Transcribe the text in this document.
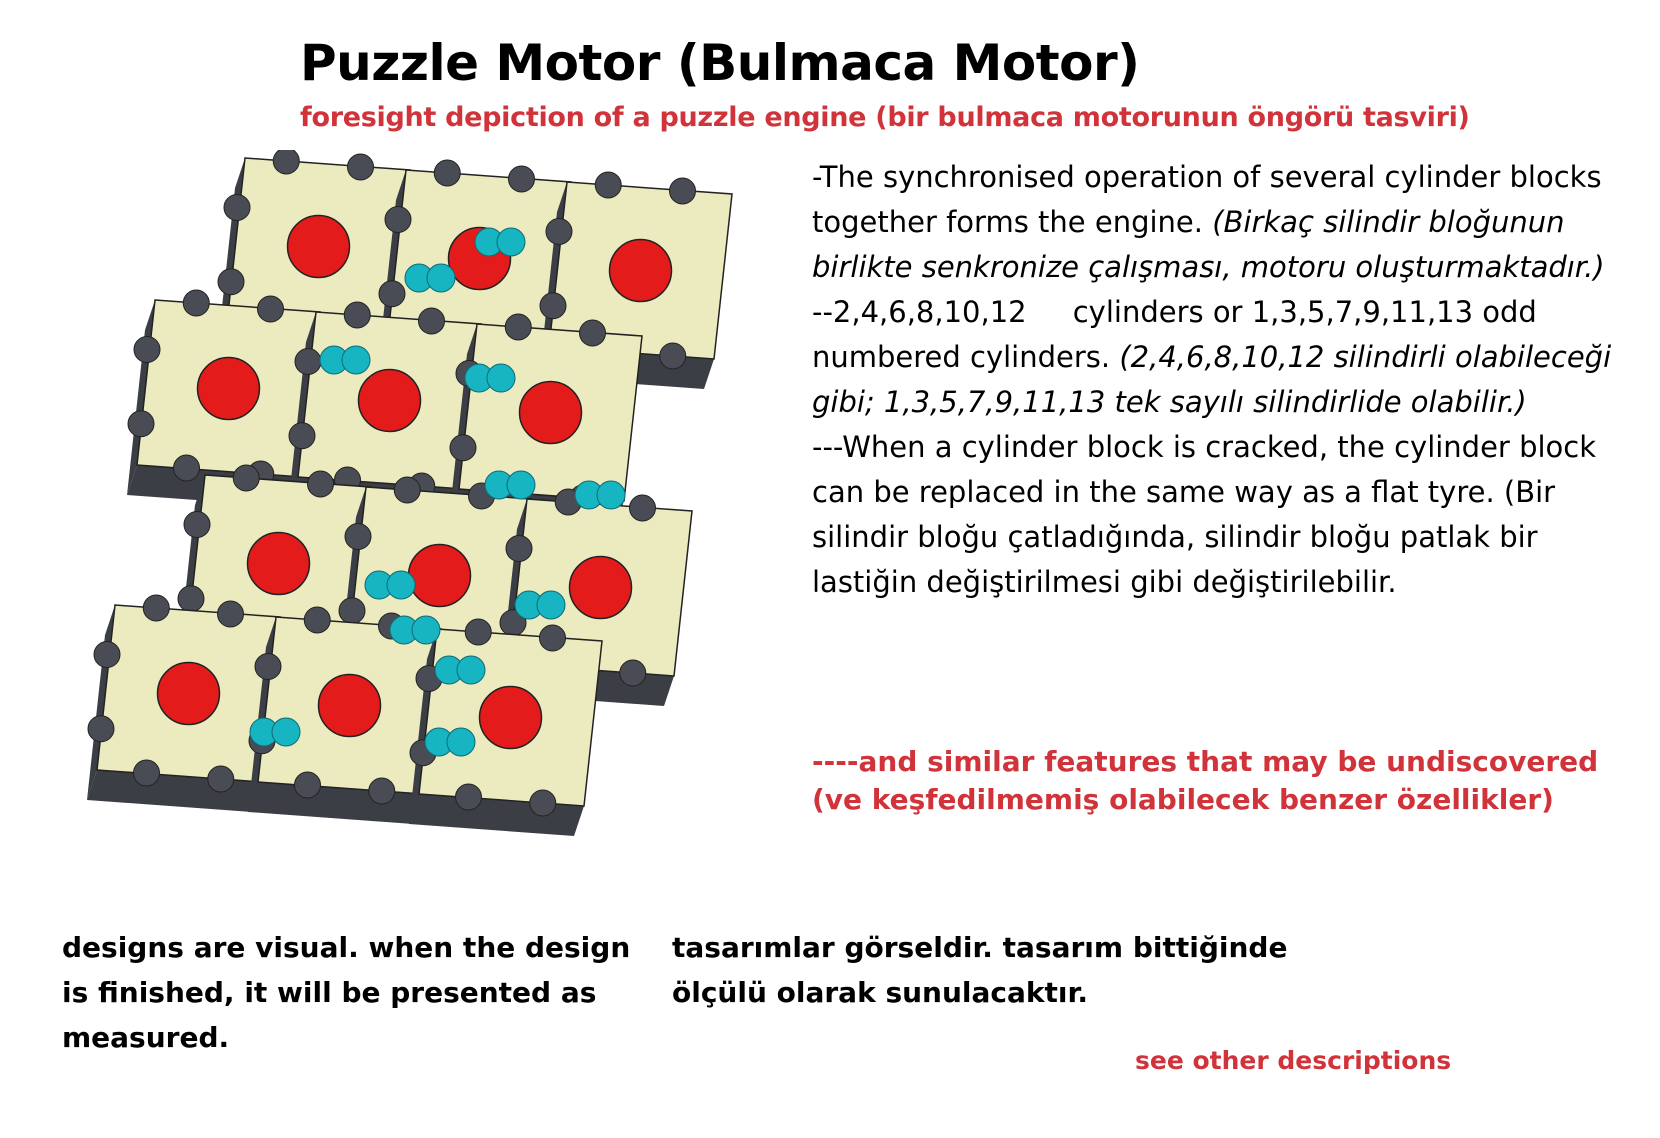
Puzzle Motor (Bulmaca Motor)
foresight depiction of a puzzle engine (bir bulmaca motorunun öngörü tasviri)

-The synchronised operation of several cylinder blocks together forms the engine. (Birkaç silindir bloğunun birlikte senkronize çalışması, motoru oluşturmaktadır.)

--2,4,6,8,10,12     cylinders or 1,3,5,7,9,11,13 odd numbered cylinders. (2,4,6,8,10,12 silindirli olabileceği gibi; 1,3,5,7,9,11,13 tek sayılı silindirlide olabilir.)

---When a cylinder block is cracked, the cylinder block can be replaced in the same way as a flat tyre. (Bir silindir bloğu çatladığında, silindir bloğu patlak bir lastiğin değiştirilmesi gibi değiştirilebilir.

----and similar features that may be undiscovered

(ve keşfedilmemiş olabilecek benzer özellikler)

designs are visual. when the design is finished, it will be presented as measured.
tasarımlar görseldir. tasarım bittiğinde ölçülü olarak sunulacaktır.
see other descriptions
